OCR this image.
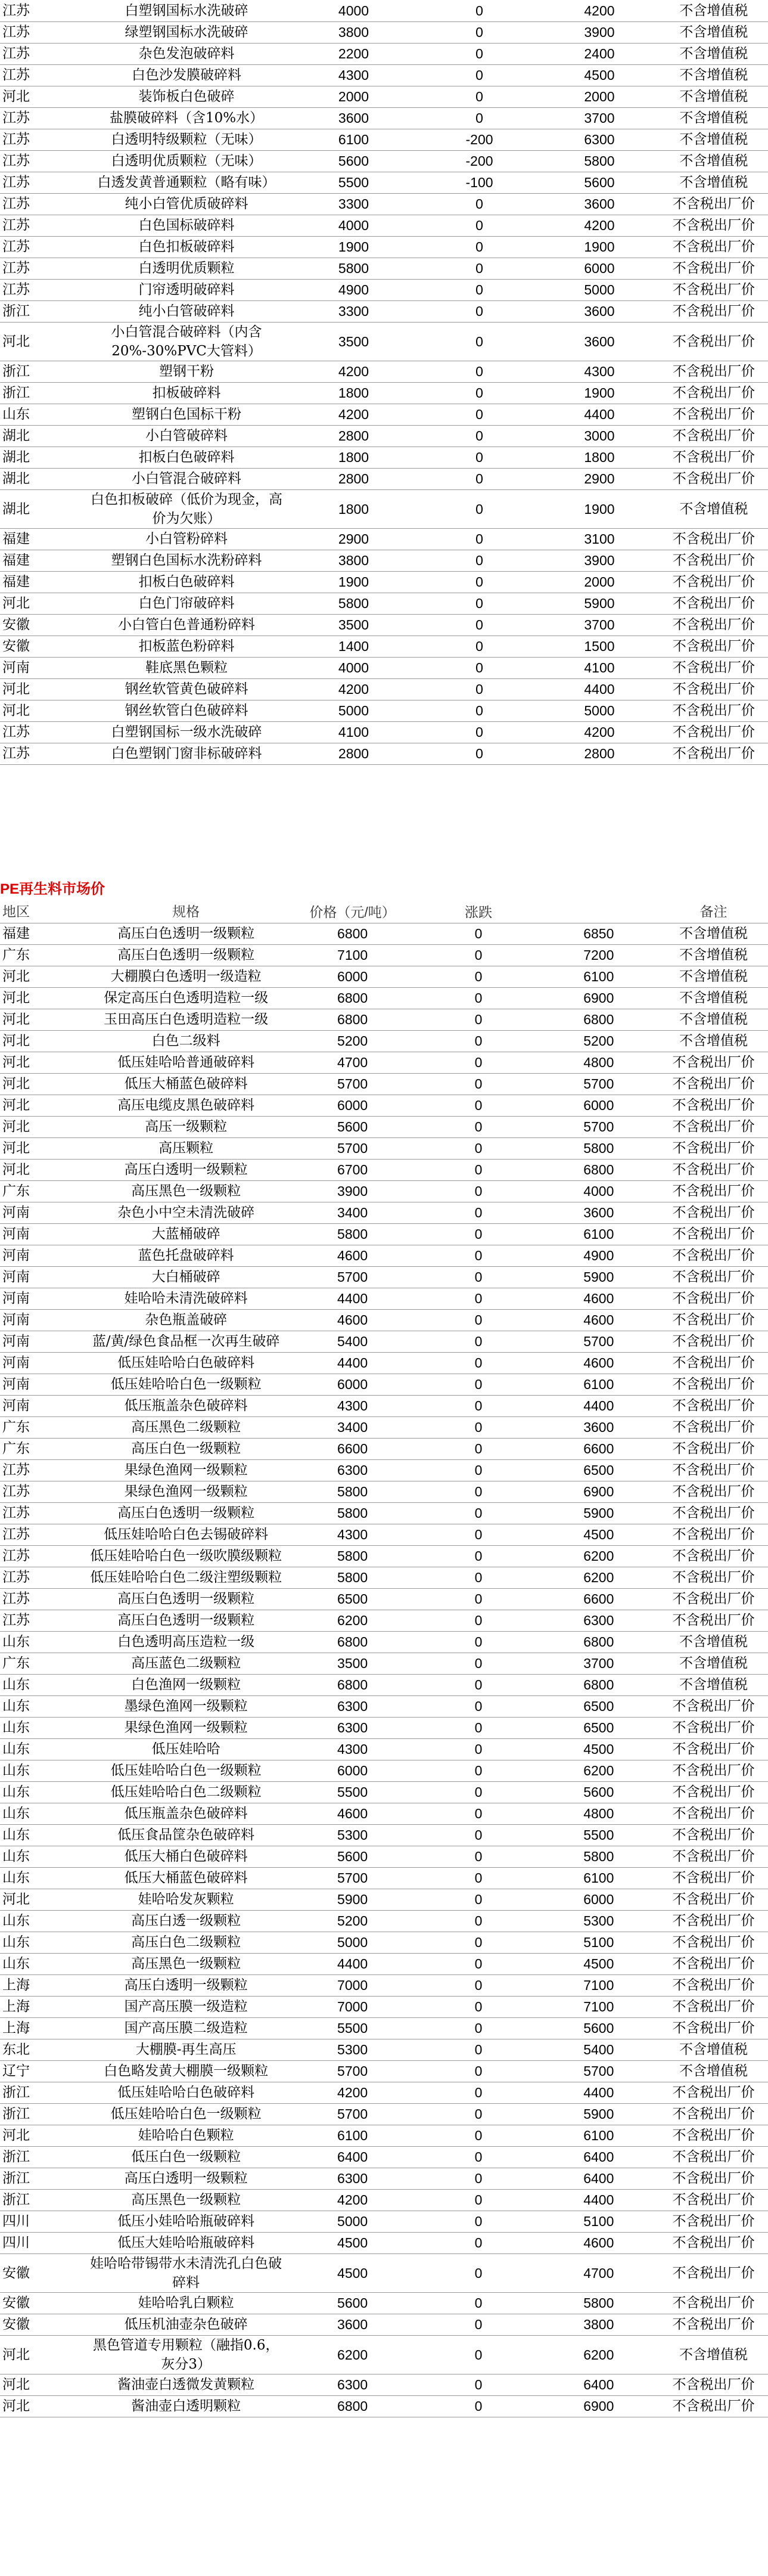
江苏	白塑钢国标水洗破碎	4000	0	4200	不含增值税
江苏	绿塑钢国标水洗破碎	3800	0	3900	不含增值税
江苏	杂色发泡破碎料	2200	0	2400	不含增值税
江苏	白色沙发膜破碎料	4300	0	4500	不含增值税
河北	装饰板白色破碎	2000	0	2000	不含增值税
江苏	盐膜破碎料（含10%水）	3600	0	3700	不含增值税
江苏	白透明特级颗粒（无味）	6100	-200	6300	不含增值税
江苏	白透明优质颗粒（无味）	5600	-200	5800	不含增值税
江苏	白透发黄普通颗粒（略有味）	5500	-100	5600	不含增值税
江苏	纯小白管优质破碎料	3300	0	3600	不含税出厂价
江苏	白色国标破碎料	4000	0	4200	不含税出厂价
江苏	白色扣板破碎料	1900	0	1900	不含税出厂价
江苏	白透明优质颗粒	5800	0	6000	不含税出厂价
江苏	门帘透明破碎料	4900	0	5000	不含税出厂价
浙江	纯小白管破碎料	3300	0	3600	不含税出厂价
河北	小白管混合破碎料（内含20%-30%PVC大管料）	3500	0	3600	不含税出厂价
浙江	塑钢干粉	4200	0	4300	不含税出厂价
浙江	扣板破碎料	1800	0	1900	不含税出厂价
山东	塑钢白色国标干粉	4200	0	4400	不含税出厂价
湖北	小白管破碎料	2800	0	3000	不含税出厂价
湖北	扣板白色破碎料	1800	0	1800	不含税出厂价
湖北	小白管混合破碎料	2800	0	2900	不含税出厂价
湖北	白色扣板破碎（低价为现金，高价为欠账）	1800	0	1900	不含增值税
福建	小白管粉碎料	2900	0	3100	不含税出厂价
福建	塑钢白色国标水洗粉碎料	3800	0	3900	不含税出厂价
福建	扣板白色破碎料	1900	0	2000	不含税出厂价
河北	白色门帘破碎料	5800	0	5900	不含税出厂价
安徽	小白管白色普通粉碎料	3500	0	3700	不含税出厂价
安徽	扣板蓝色粉碎料	1400	0	1500	不含税出厂价
河南	鞋底黑色颗粒	4000	0	4100	不含税出厂价
河北	钢丝软管黄色破碎料	4200	0	4400	不含税出厂价
河北	钢丝软管白色破碎料	5000	0	5000	不含税出厂价
江苏	白塑钢国标一级水洗破碎	4100	0	4200	不含税出厂价
江苏	白色塑钢门窗非标破碎料	2800	0	2800	不含税出厂价
PE再生料市场价
地区	规格	价格（元/吨）	涨跌		备注
福建	高压白色透明一级颗粒	6800	0	6850	不含增值税
广东	高压白色透明一级颗粒	7100	0	7200	不含增值税
河北	大棚膜白色透明一级造粒	6000	0	6100	不含增值税
河北	保定高压白色透明造粒一级	6800	0	6900	不含增值税
河北	玉田高压白色透明造粒一级	6800	0	6800	不含增值税
河北	白色二级料	5200	0	5200	不含增值税
河北	低压娃哈哈普通破碎料	4700	0	4800	不含税出厂价
河北	低压大桶蓝色破碎料	5700	0	5700	不含税出厂价
河北	高压电缆皮黑色破碎料	6000	0	6000	不含税出厂价
河北	高压一级颗粒	5600	0	5700	不含税出厂价
河北	高压颗粒	5700	0	5800	不含税出厂价
河北	高压白透明一级颗粒	6700	0	6800	不含税出厂价
广东	高压黑色一级颗粒	3900	0	4000	不含税出厂价
河南	杂色小中空未清洗破碎	3400	0	3600	不含税出厂价
河南	大蓝桶破碎	5800	0	6100	不含税出厂价
河南	蓝色托盘破碎料	4600	0	4900	不含税出厂价
河南	大白桶破碎	5700	0	5900	不含税出厂价
河南	娃哈哈未清洗破碎料	4400	0	4600	不含税出厂价
河南	杂色瓶盖破碎	4600	0	4600	不含税出厂价
河南	蓝/黄/绿色食品框一次再生破碎	5400	0	5700	不含税出厂价
河南	低压娃哈哈白色破碎料	4400	0	4600	不含税出厂价
河南	低压娃哈哈白色一级颗粒	6000	0	6100	不含税出厂价
河南	低压瓶盖杂色破碎料	4300	0	4400	不含税出厂价
广东	高压黑色二级颗粒	3400	0	3600	不含税出厂价
广东	高压白色一级颗粒	6600	0	6600	不含税出厂价
江苏	果绿色渔网一级颗粒	6300	0	6500	不含税出厂价
江苏	果绿色渔网一级颗粒	5800	0	6900	不含税出厂价
江苏	高压白色透明一级颗粒	5800	0	5900	不含税出厂价
江苏	低压娃哈哈白色去锡破碎料	4300	0	4500	不含税出厂价
江苏	低压娃哈哈白色一级吹膜级颗粒	5800	0	6200	不含税出厂价
江苏	低压娃哈哈白色二级注塑级颗粒	5800	0	6200	不含税出厂价
江苏	高压白色透明一级颗粒	6500	0	6600	不含税出厂价
江苏	高压白色透明一级颗粒	6200	0	6300	不含税出厂价
山东	白色透明高压造粒一级	6800	0	6800	不含增值税
广东	高压蓝色二级颗粒	3500	0	3700	不含增值税
山东	白色渔网一级颗粒	6800	0	6800	不含增值税
山东	墨绿色渔网一级颗粒	6300	0	6500	不含税出厂价
山东	果绿色渔网一级颗粒	6300	0	6500	不含税出厂价
山东	低压娃哈哈	4300	0	4500	不含税出厂价
山东	低压娃哈哈白色一级颗粒	6000	0	6200	不含税出厂价
山东	低压娃哈哈白色二级颗粒	5500	0	5600	不含税出厂价
山东	低压瓶盖杂色破碎料	4600	0	4800	不含税出厂价
山东	低压食品筐杂色破碎料	5300	0	5500	不含税出厂价
山东	低压大桶白色破碎料	5600	0	5800	不含税出厂价
山东	低压大桶蓝色破碎料	5700	0	6100	不含税出厂价
河北	娃哈哈发灰颗粒	5900	0	6000	不含税出厂价
山东	高压白透一级颗粒	5200	0	5300	不含税出厂价
山东	高压白色二级颗粒	5000	0	5100	不含税出厂价
山东	高压黑色一级颗粒	4400	0	4500	不含税出厂价
上海	高压白透明一级颗粒	7000	0	7100	不含税出厂价
上海	国产高压膜一级造粒	7000	0	7100	不含税出厂价
上海	国产高压膜二级造粒	5500	0	5600	不含税出厂价
东北	大棚膜-再生高压	5300	0	5400	不含增值税
辽宁	白色略发黄大棚膜一级颗粒	5700	0	5700	不含增值税
浙江	低压娃哈哈白色破碎料	4200	0	4400	不含税出厂价
浙江	低压娃哈哈白色一级颗粒	5700	0	5900	不含税出厂价
河北	娃哈哈白色颗粒	6100	0	6100	不含税出厂价
浙江	低压白色一级颗粒	6400	0	6400	不含税出厂价
浙江	高压白透明一级颗粒	6300	0	6400	不含税出厂价
浙江	高压黑色一级颗粒	4200	0	4400	不含税出厂价
四川	低压小娃哈哈瓶破碎料	5000	0	5100	不含税出厂价
四川	低压大娃哈哈瓶破碎料	4500	0	4600	不含税出厂价
安徽	娃哈哈带锡带水未清洗孔白色破碎料	4500	0	4700	不含税出厂价
安徽	娃哈哈乳白颗粒	5600	0	5800	不含税出厂价
安徽	低压机油壶杂色破碎	3600	0	3800	不含税出厂价
河北	黑色管道专用颗粒（融指0.6，灰分3）	6200	0	6200	不含增值税
河北	酱油壶白透微发黄颗粒	6300	0	6400	不含税出厂价
河北	酱油壶白透明颗粒	6800	0	6900	不含税出厂价
